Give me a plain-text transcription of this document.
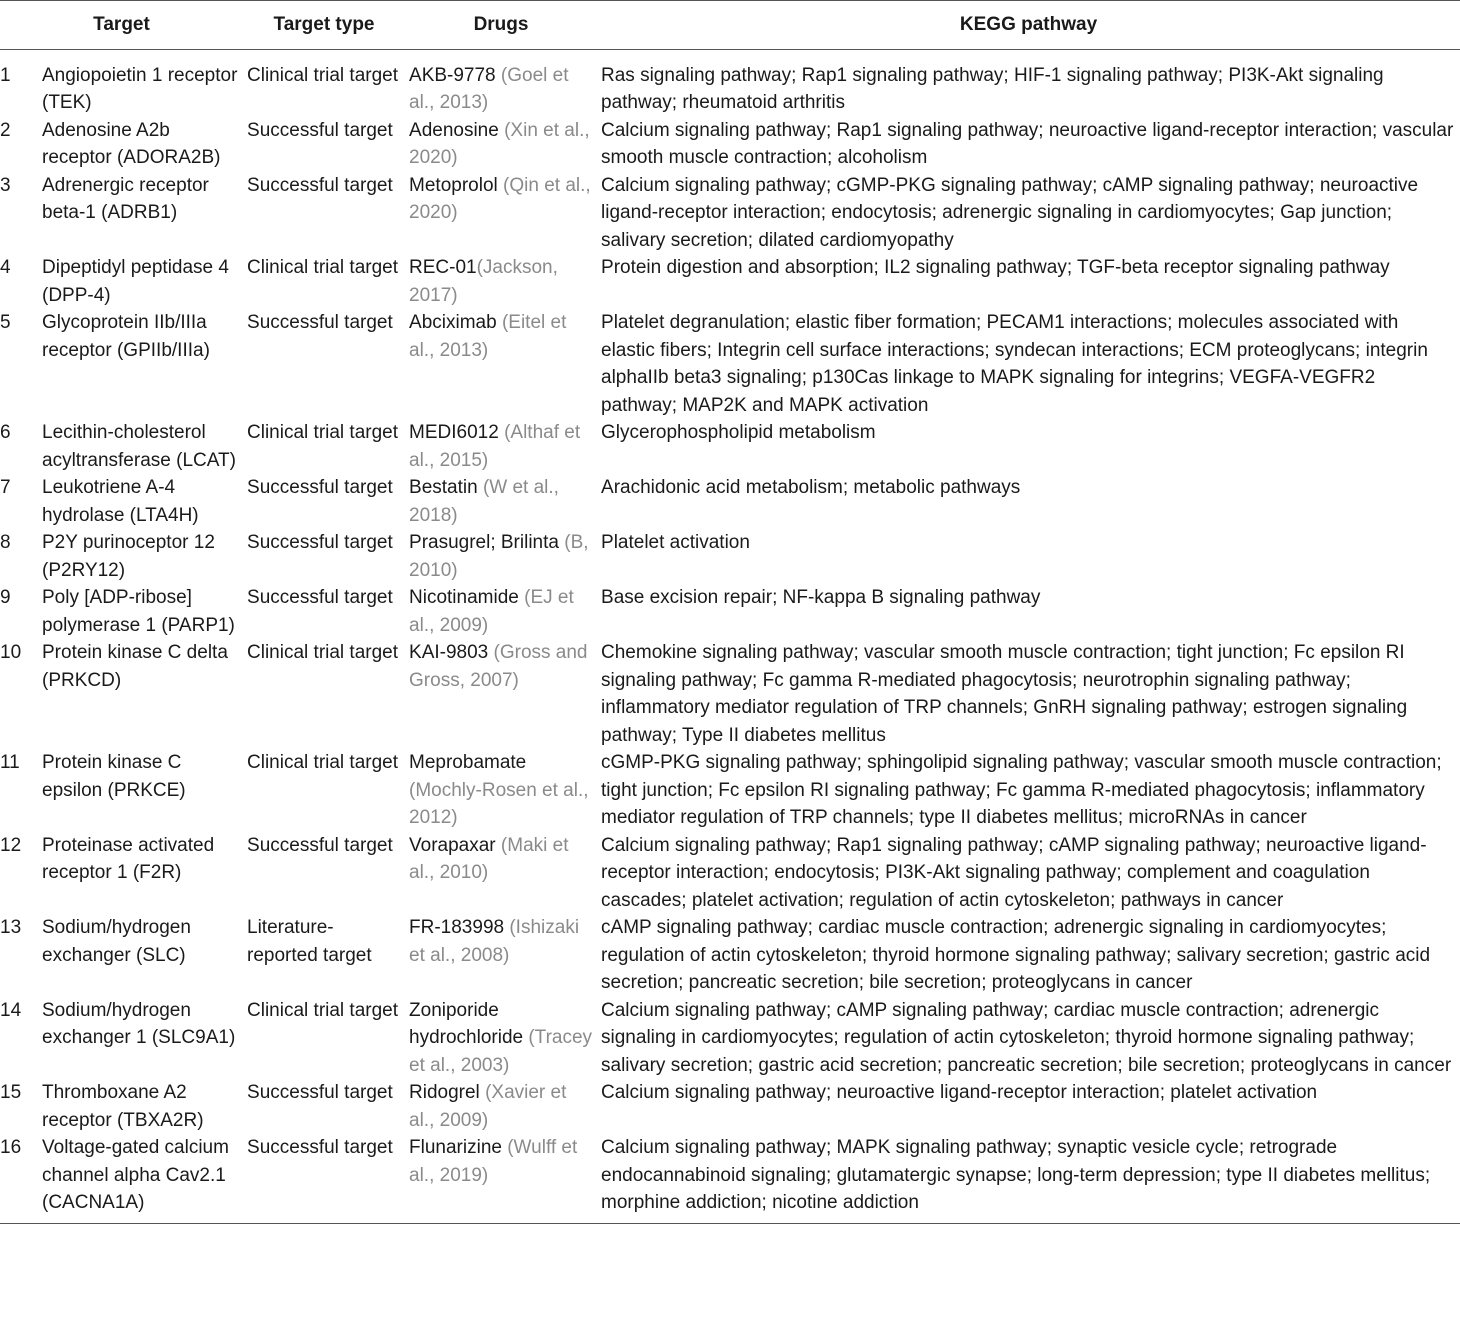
Target		Target type	Drugs	KEGG pathway
1	Angiopoietin 1 receptor (TEK)	Clinical trial target	AKB-9778 (Goel et al., 2013)	Ras signaling pathway; Rap1 signaling pathway; HIF-1 signaling pathway; PI3K-Akt signaling pathway; rheumatoid arthritis
2	Adenosine A2b receptor (ADORA2B)	Successful target	Adenosine (Xin et al., 2020)	Calcium signaling pathway; Rap1 signaling pathway; neuroactive ligand-receptor interaction; vascular smooth muscle contraction; alcoholism
3	Adrenergic receptor beta-1 (ADRB1)	Successful target	Metoprolol (Qin et al., 2020)	Calcium signaling pathway; cGMP-PKG signaling pathway; cAMP signaling pathway; neuroactive ligand-receptor interaction; endocytosis; adrenergic signaling in cardiomyocytes; Gap junction; salivary secretion; dilated cardiomyopathy
4	Dipeptidyl peptidase 4 (DPP-4)	Clinical trial target	REC-01(Jackson, 2017)	Protein digestion and absorption; IL2 signaling pathway; TGF-beta receptor signaling pathway
5	Glycoprotein IIb/IIIa receptor (GPIIb/IIIa)	Successful target	Abciximab (Eitel et al., 2013)	Platelet degranulation; elastic fiber formation; PECAM1 interactions; molecules associated with elastic fibers; Integrin cell surface interactions; syndecan interactions; ECM proteoglycans; integrin alphaIIb beta3 signaling; p130Cas linkage to MAPK signaling for integrins; VEGFA-VEGFR2 pathway; MAP2K and MAPK activation
6	Lecithin-cholesterol acyltransferase (LCAT)	Clinical trial target	MEDI6012 (Althaf et al., 2015)	Glycerophospholipid metabolism
7	Leukotriene A-4 hydrolase (LTA4H)	Successful target	Bestatin (W et al., 2018)	Arachidonic acid metabolism; metabolic pathways
8	P2Y purinoceptor 12 (P2RY12)	Successful target	Prasugrel; Brilinta (B, 2010)	Platelet activation
9	Poly [ADP-ribose] polymerase 1 (PARP1)	Successful target	Nicotinamide (EJ et al., 2009)	Base excision repair; NF-kappa B signaling pathway
10	Protein kinase C delta (PRKCD)	Clinical trial target	KAI-9803 (Gross and Gross, 2007)	Chemokine signaling pathway; vascular smooth muscle contraction; tight junction; Fc epsilon RI signaling pathway; Fc gamma R-mediated phagocytosis; neurotrophin signaling pathway; inflammatory mediator regulation of TRP channels; GnRH signaling pathway; estrogen signaling pathway; Type II diabetes mellitus
11	Protein kinase C epsilon (PRKCE)	Clinical trial target	Meprobamate (Mochly-Rosen et al., 2012)	cGMP-PKG signaling pathway; sphingolipid signaling pathway; vascular smooth muscle contraction; tight junction; Fc epsilon RI signaling pathway; Fc gamma R-mediated phagocytosis; inflammatory mediator regulation of TRP channels; type II diabetes mellitus; microRNAs in cancer
12	Proteinase activated receptor 1 (F2R)	Successful target	Vorapaxar (Maki et al., 2010)	Calcium signaling pathway; Rap1 signaling pathway; cAMP signaling pathway; neuroactive ligand-receptor interaction; endocytosis; PI3K-Akt signaling pathway; complement and coagulation cascades; platelet activation; regulation of actin cytoskeleton; pathways in cancer
13	Sodium/hydrogen exchanger (SLC)	Literature-reported target	FR-183998 (Ishizaki et al., 2008)	cAMP signaling pathway; cardiac muscle contraction; adrenergic signaling in cardiomyocytes; regulation of actin cytoskeleton; thyroid hormone signaling pathway; salivary secretion; gastric acid secretion; pancreatic secretion; bile secretion; proteoglycans in cancer
14	Sodium/hydrogen exchanger 1 (SLC9A1)	Clinical trial target	Zoniporide hydrochloride (Tracey et al., 2003)	Calcium signaling pathway; cAMP signaling pathway; cardiac muscle contraction; adrenergic signaling in cardiomyocytes; regulation of actin cytoskeleton; thyroid hormone signaling pathway; salivary secretion; gastric acid secretion; pancreatic secretion; bile secretion; proteoglycans in cancer
15	Thromboxane A2 receptor (TBXA2R)	Successful target	Ridogrel (Xavier et al., 2009)	Calcium signaling pathway; neuroactive ligand-receptor interaction; platelet activation
16	Voltage-gated calcium channel alpha Cav2.1 (CACNA1A)	Successful target	Flunarizine (Wulff et al., 2019)	Calcium signaling pathway; MAPK signaling pathway; synaptic vesicle cycle; retrograde endocannabinoid signaling; glutamatergic synapse; long-term depression; type II diabetes mellitus; morphine addiction; nicotine addiction
